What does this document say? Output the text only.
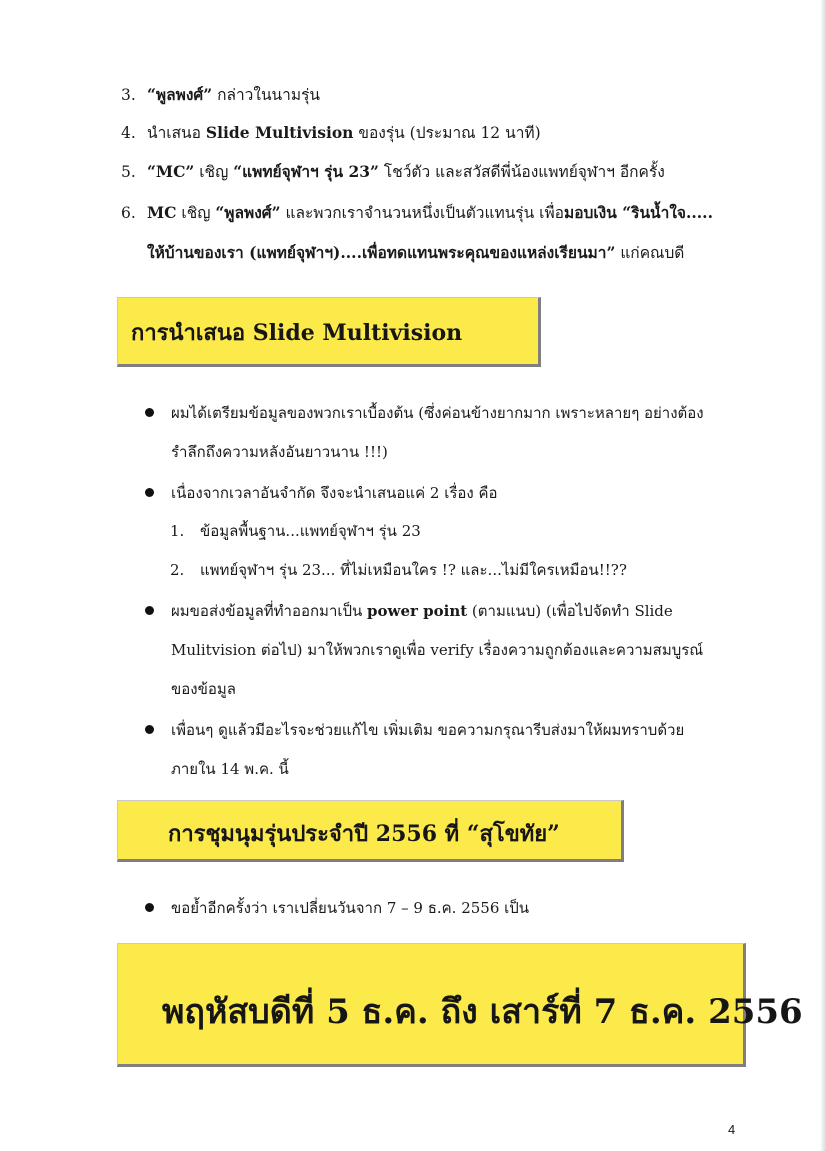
3. “พูลพงศ์” กล่าวในนามรุ่น
4. นำเสนอ Slide Multivision ของรุ่น (ประมาณ 12 นาที)
5. “MC” เชิญ “แพทย์จุฬาฯ รุ่น 23” โชว์ตัว และสวัสดีพี่น้องแพทย์จุฬาฯ อีกครั้ง
6. MC เชิญ “พูลพงศ์” และพวกเราจำนวนหนึ่งเป็นตัวแทนรุ่น เพื่อมอบเงิน “รินน้ำใจ.....
ให้บ้านของเรา (แพทย์จุฬาฯ)....เพื่อทดแทนพระคุณของแหล่งเรียนมา” แก่คณบดี
การนำเสนอ Slide Multivision
ผมได้เตรียมข้อมูลของพวกเราเบื้องต้น (ซึ่งค่อนข้างยากมาก เพราะหลายๆ อย่างต้อง
รำลึกถึงความหลังอันยาวนาน !!!)
เนื่องจากเวลาอันจำกัด จึงจะนำเสนอแค่ 2 เรื่อง คือ
1. ข้อมูลพื้นฐาน...แพทย์จุฬาฯ รุ่น 23
2. แพทย์จุฬาฯ รุ่น 23... ที่ไม่เหมือนใคร !? และ...ไม่มีใครเหมือน!!??
ผมขอส่งข้อมูลที่ทำออกมาเป็น power point (ตามแนบ) (เพื่อไปจัดทำ Slide
Mulitvision ต่อไป) มาให้พวกเราดูเพื่อ verify เรื่องความถูกต้องและความสมบูรณ์
ของข้อมูล
เพื่อนๆ ดูแล้วมีอะไรจะช่วยแก้ไข เพิ่มเติม ขอความกรุณารีบส่งมาให้ผมทราบด้วย
ภายใน 14 พ.ค. นี้
การชุมนุมรุ่นประจำปี 2556 ที่ “สุโขทัย”
ขอย้ำอีกครั้งว่า เราเปลี่ยนวันจาก 7 – 9 ธ.ค. 2556 เป็น
พฤหัสบดีที่ 5 ธ.ค. ถึง เสาร์ที่ 7 ธ.ค. 2556
4
